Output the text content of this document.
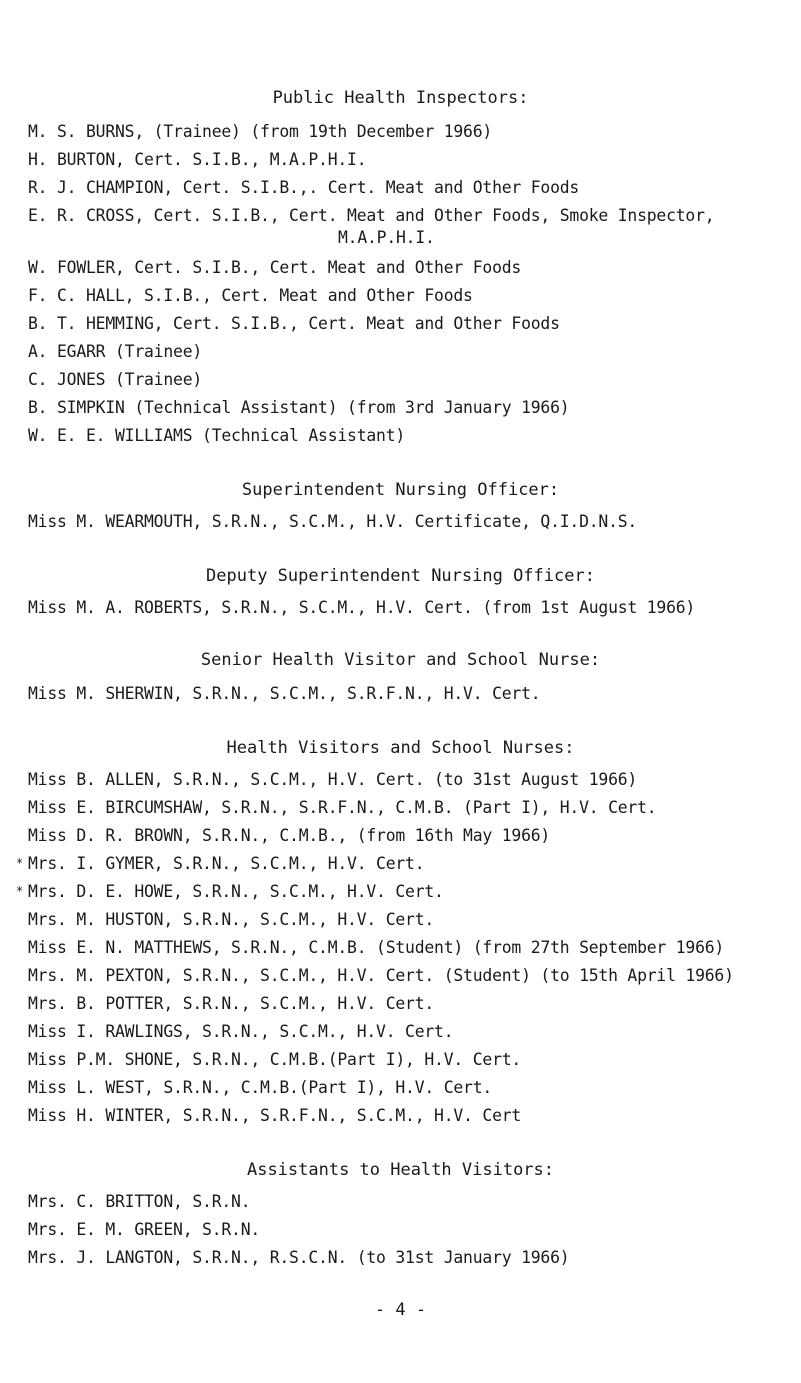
Public Health Inspectors:
M. S. BURNS, (Trainee) (from 19th December 1966)
H. BURTON, Cert. S.I.B., M.A.P.H.I.
R. J. CHAMPION, Cert. S.I.B.,. Cert. Meat and Other Foods
E. R. CROSS, Cert. S.I.B., Cert. Meat and Other Foods, Smoke Inspector,
M.A.P.H.I.
W. FOWLER, Cert. S.I.B., Cert. Meat and Other Foods
F. C. HALL, S.I.B., Cert. Meat and Other Foods
B. T. HEMMING, Cert. S.I.B., Cert. Meat and Other Foods
A. EGARR (Trainee)
C. JONES (Trainee)
B. SIMPKIN (Technical Assistant) (from 3rd January 1966)
W. E. E. WILLIAMS (Technical Assistant)
Superintendent Nursing Officer:
Miss M. WEARMOUTH, S.R.N., S.C.M., H.V. Certificate, Q.I.D.N.S.
Deputy Superintendent Nursing Officer:
Miss M. A. ROBERTS, S.R.N., S.C.M., H.V. Cert. (from 1st August 1966)
Senior Health Visitor and School Nurse:
Miss M. SHERWIN, S.R.N., S.C.M., S.R.F.N., H.V. Cert.
Health Visitors and School Nurses:
Miss B. ALLEN, S.R.N., S.C.M., H.V. Cert. (to 31st August 1966)
Miss E. BIRCUMSHAW, S.R.N., S.R.F.N., C.M.B. (Part I), H.V. Cert.
Miss D. R. BROWN, S.R.N., C.M.B., (from 16th May 1966)
* Mrs. I. GYMER, S.R.N., S.C.M., H.V. Cert.
* Mrs. D. E. HOWE, S.R.N., S.C.M., H.V. Cert.
Mrs. M. HUSTON, S.R.N., S.C.M., H.V. Cert.
Miss E. N. MATTHEWS, S.R.N., C.M.B. (Student) (from 27th September 1966)
Mrs. M. PEXTON, S.R.N., S.C.M., H.V. Cert. (Student) (to 15th April 1966)
Mrs. B. POTTER, S.R.N., S.C.M., H.V. Cert.
Miss I. RAWLINGS, S.R.N., S.C.M., H.V. Cert.
Miss P.M. SHONE, S.R.N., C.M.B.(Part I), H.V. Cert.
Miss L. WEST, S.R.N., C.M.B.(Part I), H.V. Cert.
Miss H. WINTER, S.R.N., S.R.F.N., S.C.M., H.V. Cert
Assistants to Health Visitors:
Mrs. C. BRITTON, S.R.N.
Mrs. E. M. GREEN, S.R.N.
Mrs. J. LANGTON, S.R.N., R.S.C.N. (to 31st January 1966)
- 4 -
